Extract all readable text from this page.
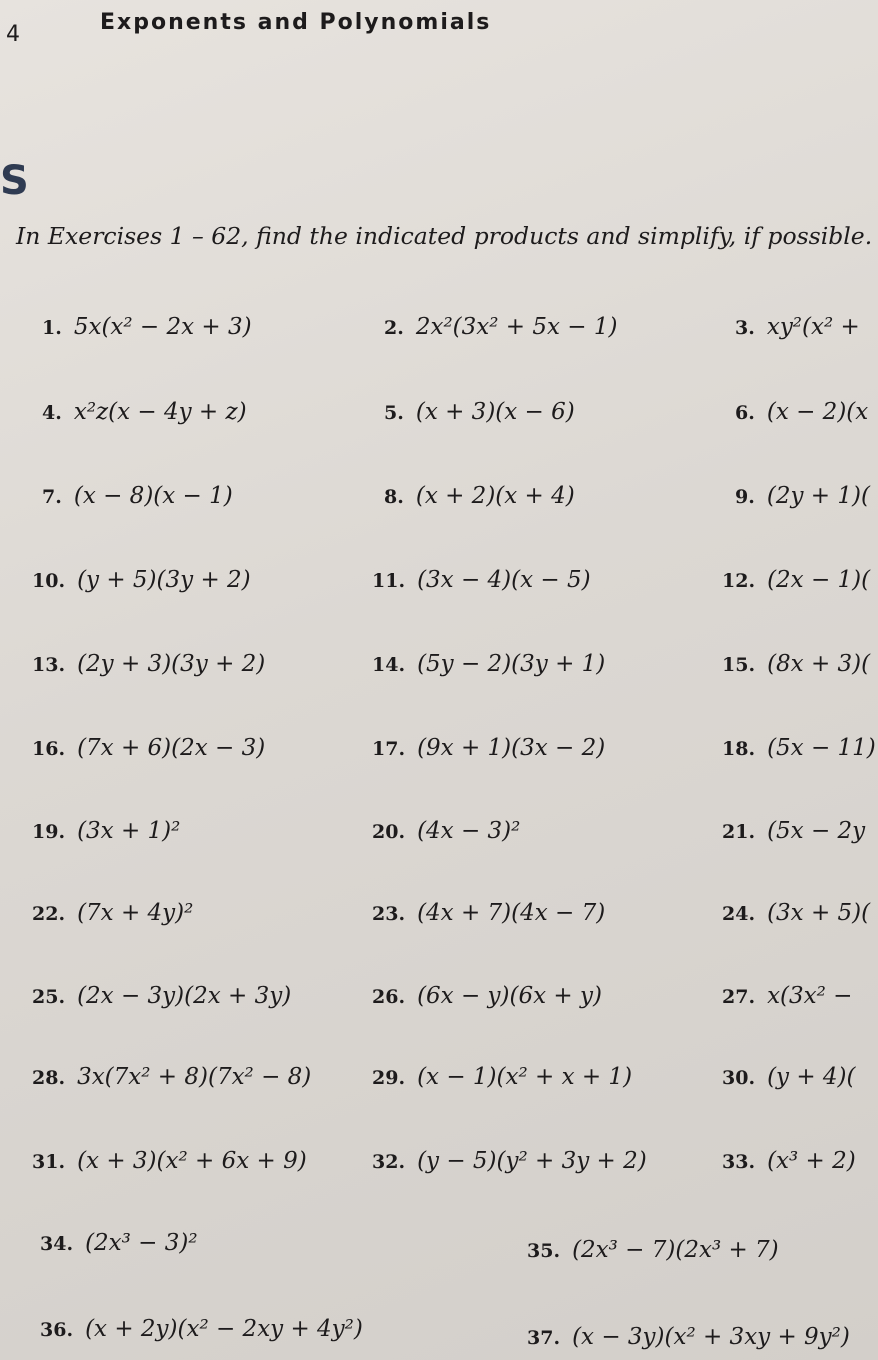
4	Exponents and Polynomials
S
In Exercises 1 – 62, find the indicated products and simplify, if possible.
1. 5x(x² − 2x + 3)	2. 2x²(3x² + 5x − 1)	3. xy²(x² +
4. x²z(x − 4y + z)	5. (x + 3)(x − 6)	6. (x − 2)(x
7. (x − 8)(x − 1)	8. (x + 2)(x + 4)	9. (2y + 1)(
10. (y + 5)(3y + 2)	11. (3x − 4)(x − 5)	12. (2x − 1)(
13. (2y + 3)(3y + 2)	14. (5y − 2)(3y + 1)	15. (8x + 3)(
16. (7x + 6)(2x − 3)	17. (9x + 1)(3x − 2)	18. (5x − 11)
19. (3x + 1)²	20. (4x − 3)²	21. (5x − 2y
22. (7x + 4y)²	23. (4x + 7)(4x − 7)	24. (3x + 5)(
25. (2x − 3y)(2x + 3y)	26. (6x − y)(6x + y)	27. x(3x² −
28. 3x(7x² + 8)(7x² − 8)	29. (x − 1)(x² + x + 1)	30. (y + 4)(
31. (x + 3)(x² + 6x + 9)	32. (y − 5)(y² + 3y + 2)	33. (x³ + 2)
34. (2x³ − 3)²	35. (2x³ − 7)(2x³ + 7)
36. (x + 2y)(x² − 2xy + 4y²)	37. (x − 3y)(x² + 3xy + 9y²)
